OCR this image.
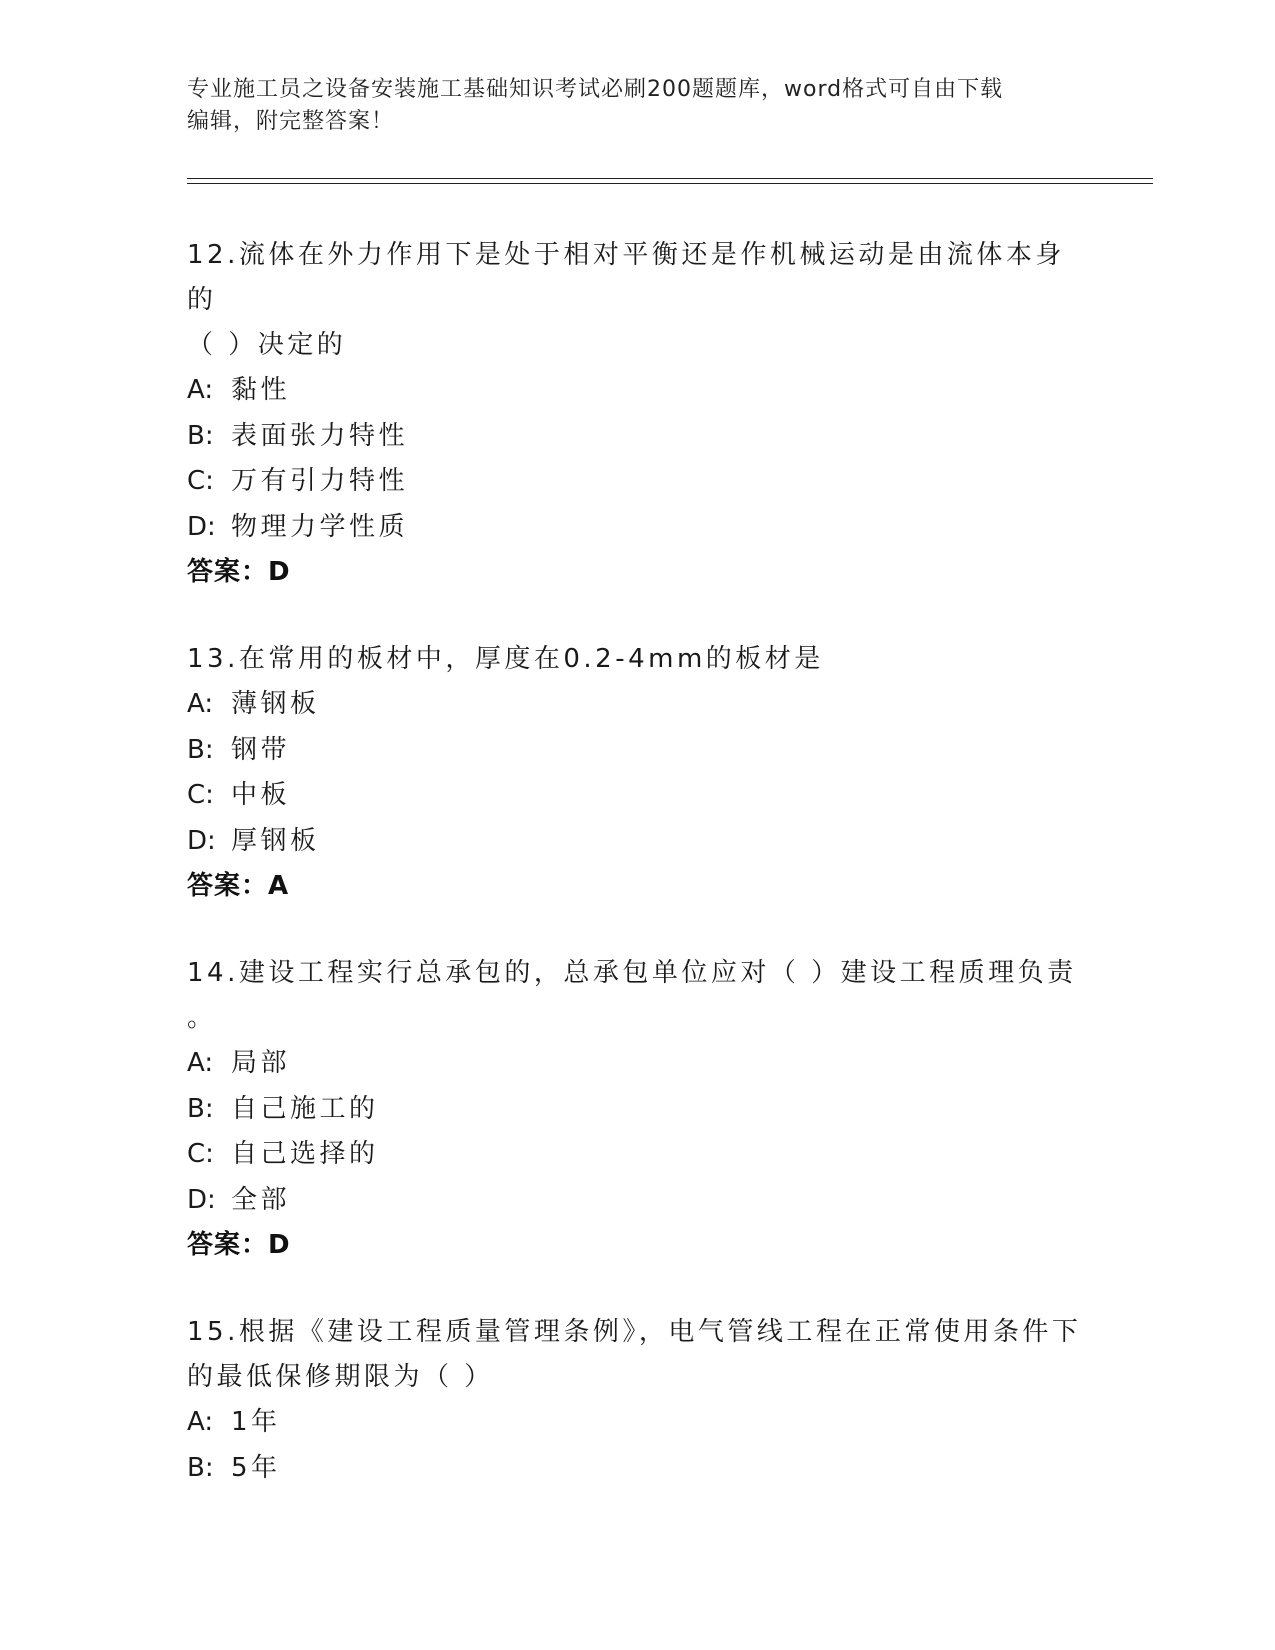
专业施工员之设备安装施工基础知识考试必刷200题题库，word格式可自由下载
编辑，附完整答案！
12.流体在外力作用下是处于相对平衡还是作机械运动是由流体本身的
（ ）决定的
A: 黏性
B: 表面张力特性
C: 万有引力特性
D: 物理力学性质
答案：D
13.在常用的板材中，厚度在0.2-4mm的板材是
A: 薄钢板
B: 钢带
C: 中板
D: 厚钢板
答案：A
14.建设工程实行总承包的，总承包单位应对（ ）建设工程质理负责
。
A: 局部
B: 自己施工的
C: 自己选择的
D: 全部
答案：D
15.根据《建设工程质量管理条例》，电气管线工程在正常使用条件下
的最低保修期限为（ ）
A: 1年
B: 5年
